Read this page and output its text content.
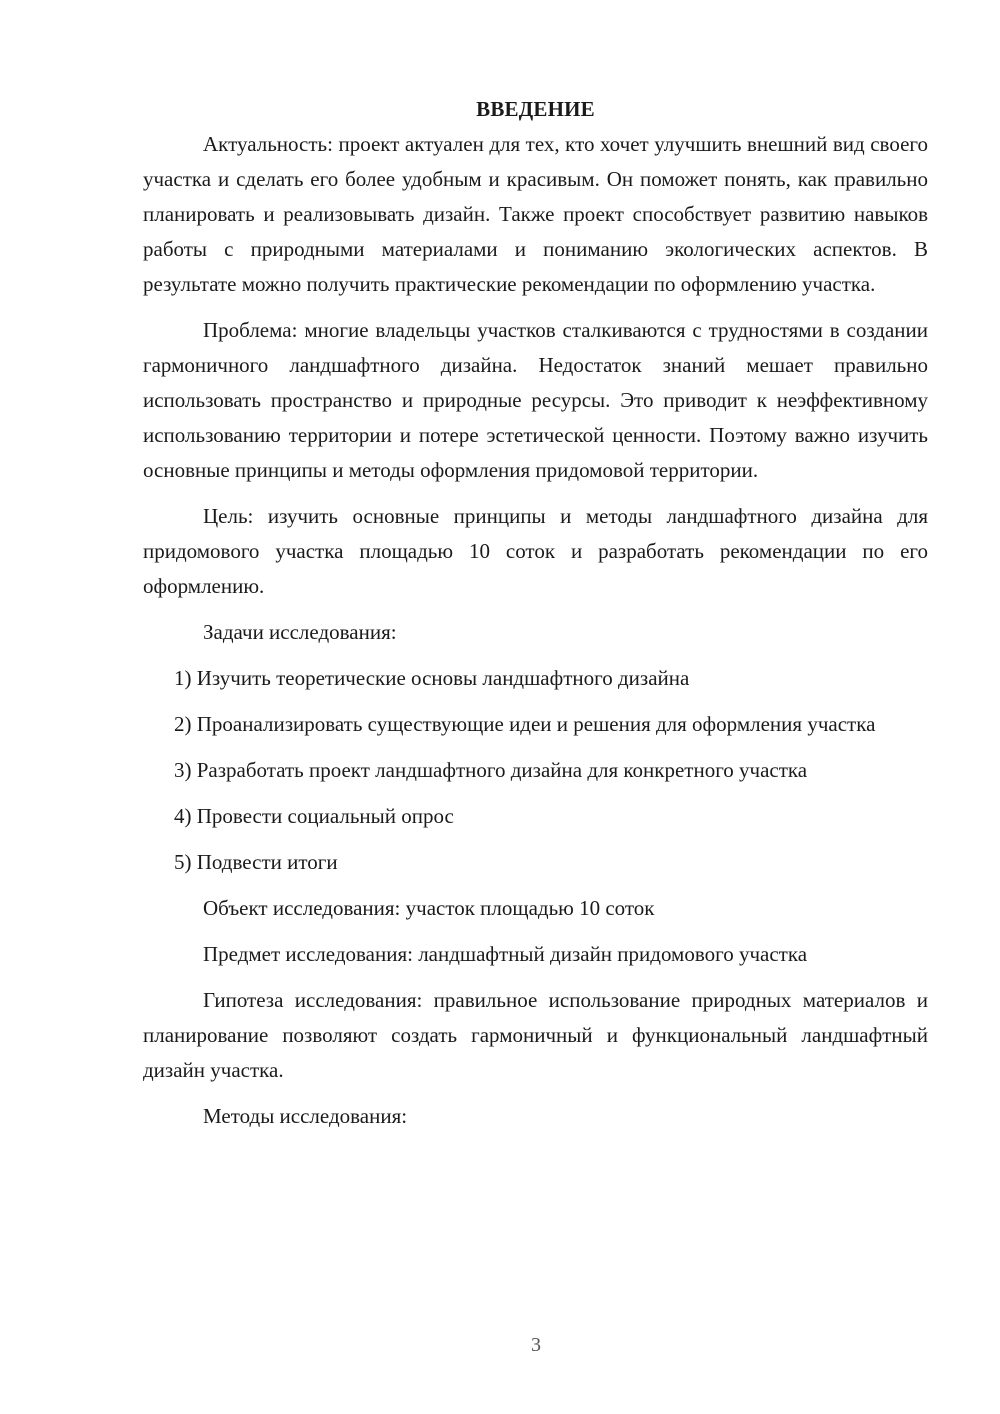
ВВЕДЕНИЕ

Актуальность: проект актуален для тех, кто хочет улучшить внешний вид своего участка и сделать его более удобным и красивым. Он поможет понять, как правильно планировать и реализовывать дизайн. Также проект способствует развитию навыков работы с природными материалами и пониманию экологических аспектов. В результате можно получить практические рекомендации по оформлению участка.

Проблема: многие владельцы участков сталкиваются с трудностями в создании гармоничного ландшафтного дизайна. Недостаток знаний мешает правильно использовать пространство и природные ресурсы. Это приводит к неэффективному использованию территории и потере эстетической ценности. Поэтому важно изучить основные принципы и методы оформления придомовой территории.

Цель: изучить основные принципы и методы ландшафтного дизайна для придомового участка площадью 10 соток и разработать рекомендации по его оформлению.

Задачи исследования:

1) Изучить теоретические основы ландшафтного дизайна

2) Проанализировать существующие идеи и решения для оформления участка

3) Разработать проект ландшафтного дизайна для конкретного участка

4) Провести социальный опрос

5) Подвести итоги

Объект исследования: участок площадью 10 соток

Предмет исследования: ландшафтный дизайн придомового участка

Гипотеза исследования: правильное использование природных материалов и планирование позволяют создать гармоничный и функциональный ландшафтный дизайн участка.

Методы исследования:

3
